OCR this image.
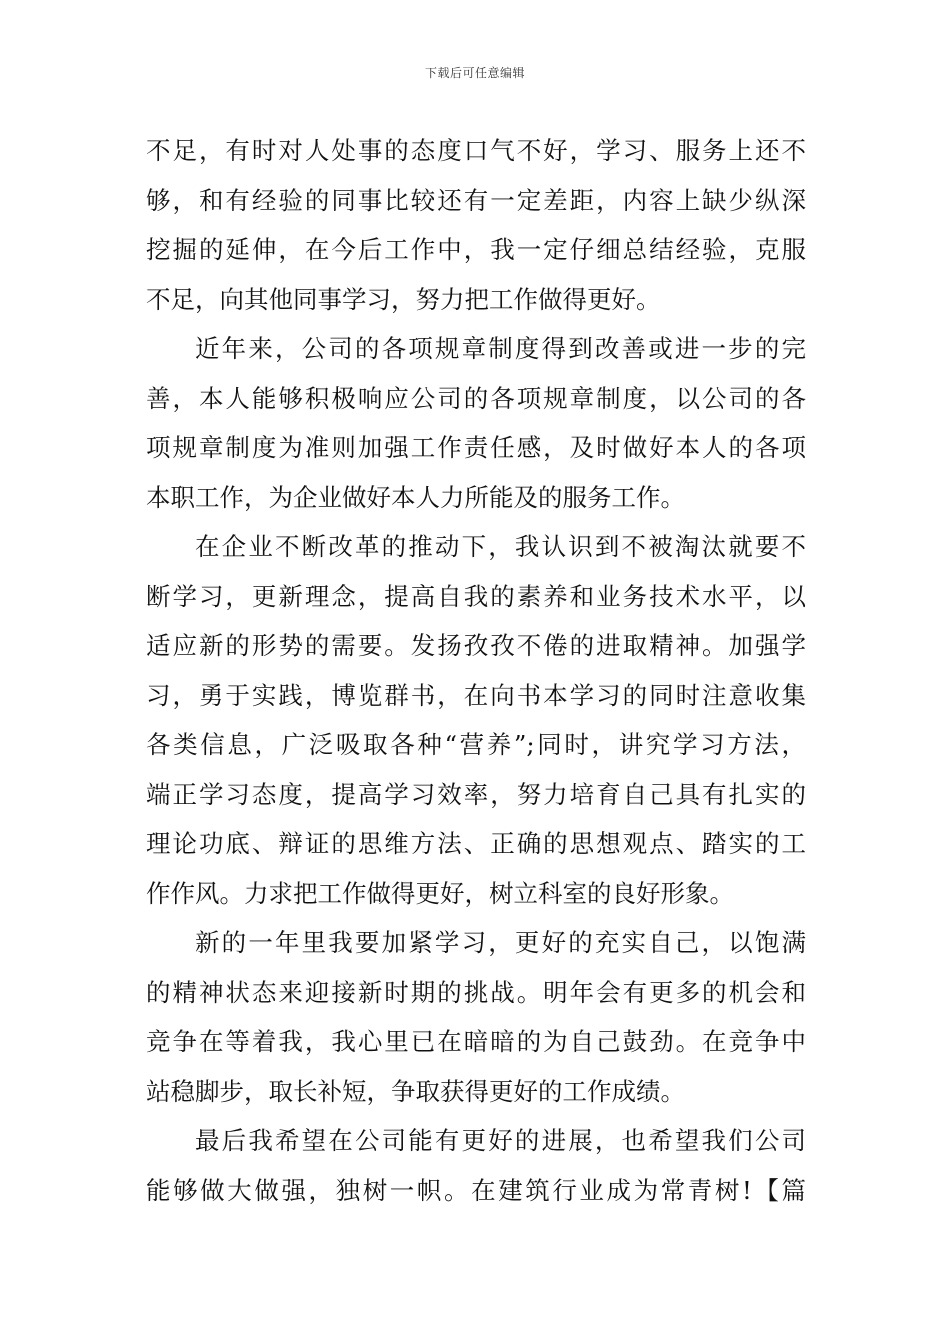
下载后可任意编辑
不足，有时对人处事的态度口气不好，学习、服务上还不
够，和有经验的同事比较还有一定差距，内容上缺少纵深
挖掘的延伸，在今后工作中，我一定仔细总结经验，克服
不足，向其他同事学习，努力把工作做得更好。
近年来，公司的各项规章制度得到改善或进一步的完
善，本人能够积极响应公司的各项规章制度，以公司的各
项规章制度为准则加强工作责任感，及时做好本人的各项
本职工作，为企业做好本人力所能及的服务工作。
在企业不断改革的推动下，我认识到不被淘汰就要不
断学习，更新理念，提高自我的素养和业务技术水平，以
适应新的形势的需要。发扬孜孜不倦的进取精神。加强学
习，勇于实践，博览群书，在向书本学习的同时注意收集
各类信息，广泛吸取各种“营养”;同时，讲究学习方法，
端正学习态度，提高学习效率，努力培育自己具有扎实的
理论功底、辩证的思维方法、正确的思想观点、踏实的工
作作风。力求把工作做得更好，树立科室的良好形象。
新的一年里我要加紧学习，更好的充实自己，以饱满
的精神状态来迎接新时期的挑战。明年会有更多的机会和
竞争在等着我，我心里已在暗暗的为自己鼓劲。在竞争中
站稳脚步，取长补短，争取获得更好的工作成绩。
最后我希望在公司能有更好的进展，也希望我们公司
能够做大做强，独树一帜。在建筑行业成为常青树!【篇
